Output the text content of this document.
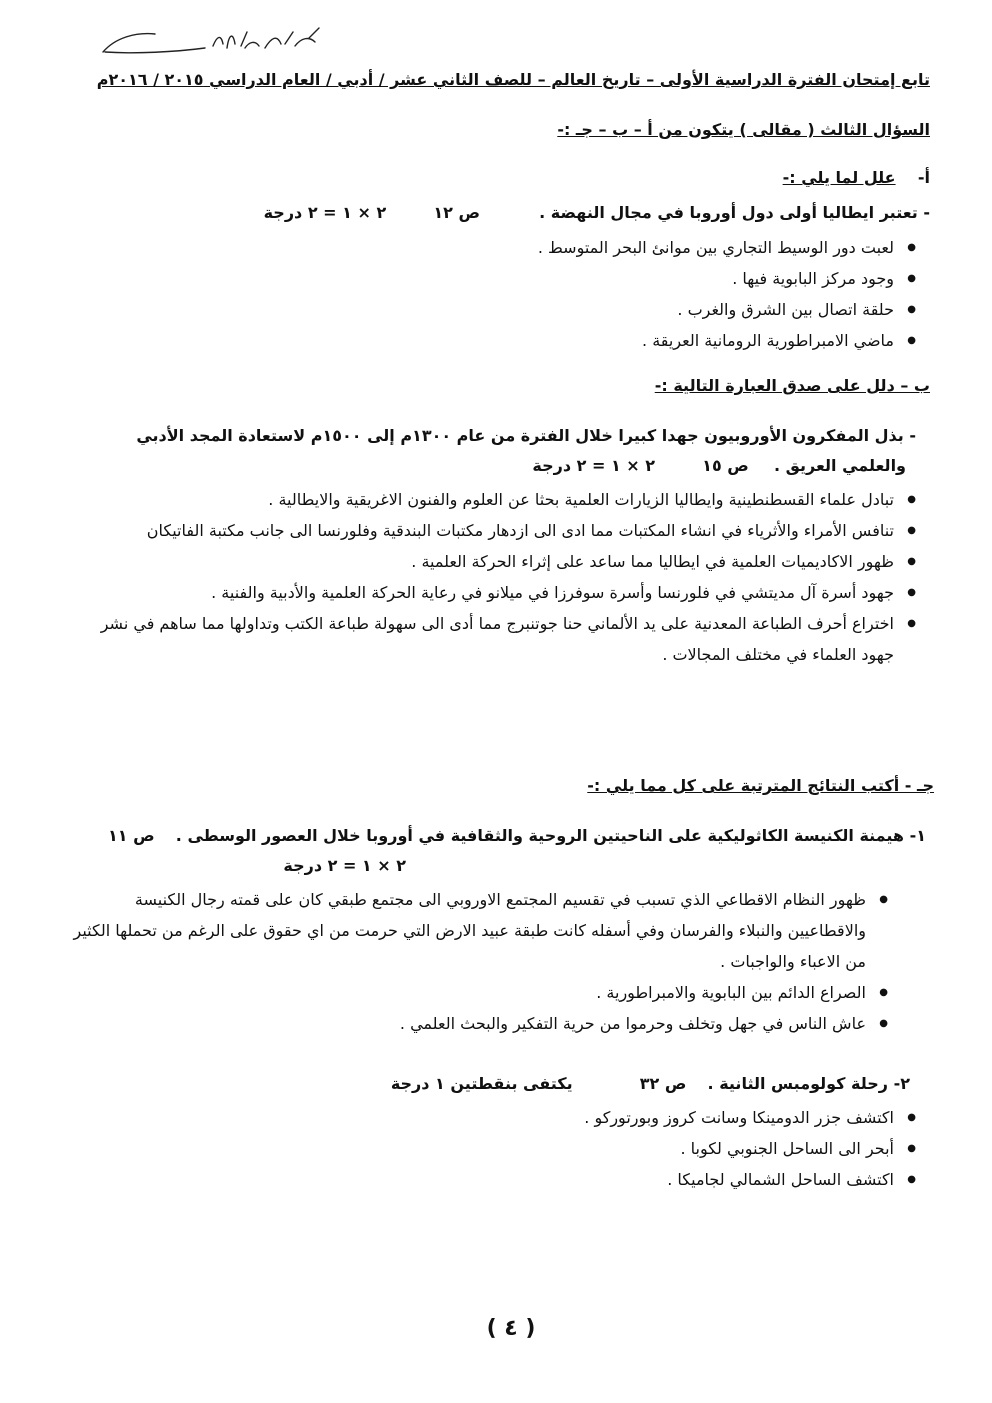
تابع إمتحان الفترة الدراسية الأولى – تاريخ العالم – للصف الثاني عشر / أدبي / العام الدراسي ٢٠١٥ / ٢٠١٦م
السؤال الثالث ( مقالى ) يتكون من أ – ب – جـ :-
أ-    علل لما يلي :-
- تعتبر ايطاليا أولى دول أوروبا في مجال النهضة .  ص ١٢  ٢ × ١ = ٢ درجة
● لعبت دور الوسيط التجاري بين موانئ البحر المتوسط .
● وجود مركز البابوية فيها .
● حلقة اتصال بين الشرق والغرب .
● ماضي الامبراطورية الرومانية العريقة .
ب – دلل على صدق العبارة التالية :-
- بذل المفكرون الأوروبيون جهدا كبيرا خلال الفترة من عام ١٣٠٠م إلى ١٥٠٠م لاستعادة المجد الأدبي
والعلمي العريق .  ص ١٥  ٢ × ١ = ٢ درجة
● تبادل علماء القسطنطينية وايطاليا الزيارات العلمية بحثا عن العلوم والفنون الاغريقية والايطالية .
● تنافس الأمراء والأثرياء في انشاء المكتبات مما ادى الى ازدهار مكتبات البندقية وفلورنسا الى جانب مكتبة الفاتيكان
● ظهور الاكاديميات العلمية في ايطاليا مما ساعد على إثراء الحركة العلمية .
● جهود أسرة آل مديتشي في فلورنسا وأسرة سوفرزا في ميلانو في رعاية الحركة العلمية والأدبية والفنية .
● اختراع أحرف الطباعة المعدنية على يد الألماني حنا جوتنبرج مما أدى الى سهولة طباعة الكتب وتداولها مما ساهم في نشر جهود العلماء في مختلف المجالات .
جـ - أكتب النتائج المترتبة على كل مما يلي :-
١- هيمنة الكنيسة الكاثوليكية على الناحيتين الروحية والثقافية في أوروبا خلال العصور الوسطى .  ص ١١
٢ × ١ = ٢ درجة
● ظهور النظام الاقطاعي الذي تسبب في تقسيم المجتمع الاوروبي الى مجتمع طبقي كان على قمته رجال الكنيسة والاقطاعيين والنبلاء والفرسان وفي أسفله كانت طبقة عبيد الارض التي حرمت من اي حقوق على الرغم من تحملها الكثير من الاعباء والواجبات .
● الصراع الدائم بين البابوية والامبراطورية .
● عاش الناس في جهل وتخلف وحرموا من حرية التفكير والبحث العلمي .
٢- رحلة كولومبس الثانية .  ص ٣٢  يكتفى بنقطتين ١ درجة
● اكتشف جزر الدومينكا وسانت كروز وبورتوركو .
● أبحر الى الساحل الجنوبي لكوبا .
● اكتشف الساحل الشمالي لجاميكا .
( ٤ )
